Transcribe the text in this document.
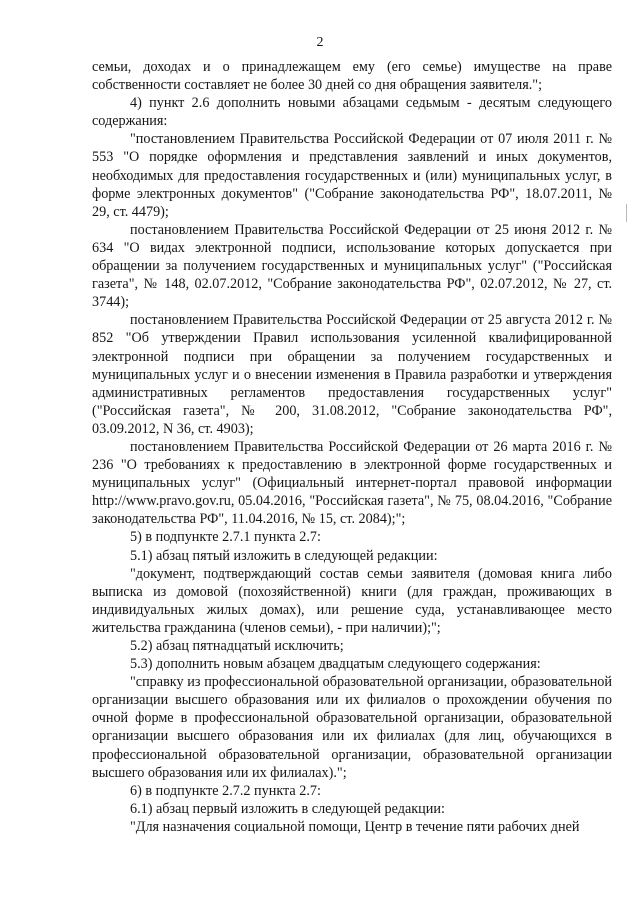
2

семьи, доходах и о принадлежащем ему (его семье) имуществе на праве собственности составляет не более 30 дней со дня обращения заявителя.";

4) пункт 2.6 дополнить новыми абзацами седьмым - десятым следующего содержания:

"постановлением Правительства Российской Федерации от 07 июля 2011 г. № 553 "О порядке оформления и представления заявлений и иных документов, необходимых для предоставления государственных и (или) муниципальных услуг, в форме электронных документов" ("Собрание законодательства РФ", 18.07.2011, № 29, ст. 4479);

постановлением Правительства Российской Федерации от 25 июня 2012 г. № 634 "О видах электронной подписи, использование которых допускается при обращении за получением государственных и муниципальных услуг" ("Российская газета", № 148, 02.07.2012, "Собрание законодательства РФ", 02.07.2012, № 27, ст. 3744);

постановлением Правительства Российской Федерации от 25 августа 2012 г. № 852 "Об утверждении Правил использования усиленной квалифицированной электронной подписи при обращении за получением государственных и муниципальных услуг и о внесении изменения в Правила разработки и утверждения административных регламентов предоставления государственных услуг" ("Российская газета", № 200, 31.08.2012, "Собрание законодательства РФ", 03.09.2012, N 36, ст. 4903);

постановлением Правительства Российской Федерации от 26 марта 2016 г. № 236 "О требованиях к предоставлению в электронной форме государственных и муниципальных услуг" (Официальный интернет-портал правовой информации http://www.pravo.gov.ru, 05.04.2016, "Российская газета", № 75, 08.04.2016, "Собрание законодательства РФ", 11.04.2016, № 15, ст. 2084);";

5) в подпункте 2.7.1 пункта 2.7:

5.1) абзац пятый изложить в следующей редакции:

"документ, подтверждающий состав семьи заявителя (домовая книга либо выписка из домовой (похозяйственной) книги (для граждан, проживающих в индивидуальных жилых домах), или решение суда, устанавливающее место жительства гражданина (членов семьи), - при наличии);";

5.2) абзац пятнадцатый исключить;

5.3) дополнить новым абзацем двадцатым следующего содержания:

"справку из профессиональной образовательной организации, образовательной организации высшего образования или их филиалов о прохождении обучения по очной форме в профессиональной образовательной организации, образовательной организации высшего образования или их филиалах (для лиц, обучающихся в профессиональной образовательной организации, образовательной организации высшего образования или их филиалах).";

6) в подпункте 2.7.2 пункта 2.7:

6.1) абзац первый изложить в следующей редакции:

"Для назначения социальной помощи, Центр в течение пяти рабочих дней
